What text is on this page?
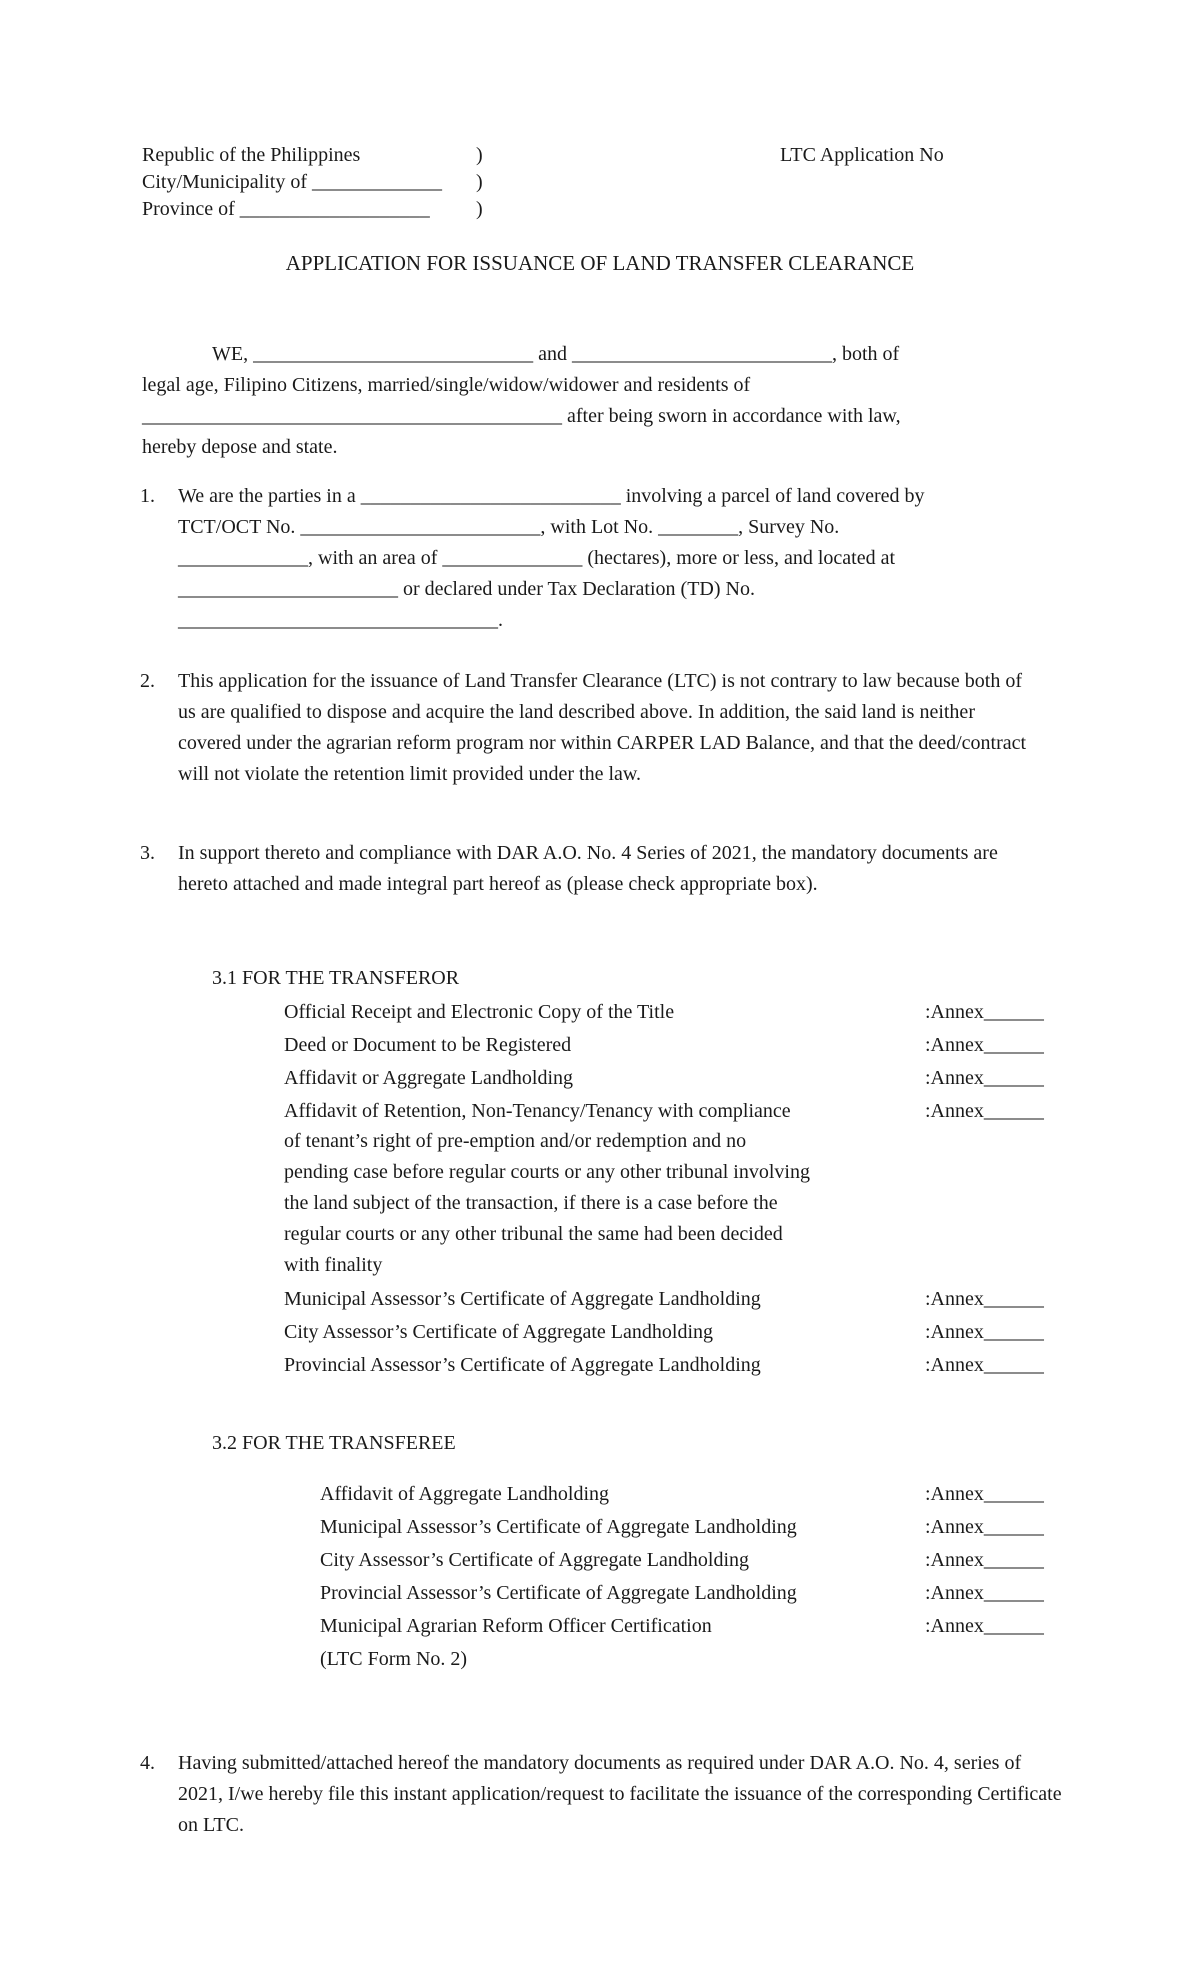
Republic of the Philippines	)
City/Municipality of _____________ )
Province of ___________________ )
LTC Application No
APPLICATION FOR ISSUANCE OF LAND TRANSFER CLEARANCE
WE, ____________________________ and __________________________, both of
legal age, Filipino Citizens, married/single/widow/widower and residents of
__________________________________________ after being sworn in accordance with law,
hereby depose and state.
1. We are the parties in a __________________________ involving a parcel of land covered by
TCT/OCT No. ________________________, with Lot No. ________, Survey No.
_____________, with an area of ______________ (hectares), more or less, and located at
______________________ or declared under Tax Declaration (TD) No.
________________________________.
2. This application for the issuance of Land Transfer Clearance (LTC) is not contrary to law because both of us are qualified to dispose and acquire the land described above. In addition, the said land is neither covered under the agrarian reform program nor within CARPER LAD Balance, and that the deed/contract will not violate the retention limit provided under the law.
3. In support thereto and compliance with DAR A.O. No. 4 Series of 2021, the mandatory documents are hereto attached and made integral part hereof as (please check appropriate box).
3.1 FOR THE TRANSFEROR
Official Receipt and Electronic Copy of the Title	:Annex______
Deed or Document to be Registered	:Annex______
Affidavit or Aggregate Landholding	:Annex______
Affidavit of Retention, Non-Tenancy/Tenancy with compliance	:Annex______
of tenant’s right of pre-emption and/or redemption and no
pending case before regular courts or any other tribunal involving
the land subject of the transaction, if there is a case before the
regular courts or any other tribunal the same had been decided
with finality
Municipal Assessor’s Certificate of Aggregate Landholding	:Annex______
City Assessor’s Certificate of Aggregate Landholding	:Annex______
Provincial Assessor’s Certificate of Aggregate Landholding	:Annex______
3.2 FOR THE TRANSFEREE
Affidavit of Aggregate Landholding	:Annex______
Municipal Assessor’s Certificate of Aggregate Landholding	:Annex______
City Assessor’s Certificate of Aggregate Landholding	:Annex______
Provincial Assessor’s Certificate of Aggregate Landholding	:Annex______
Municipal Agrarian Reform Officer Certification	:Annex______
(LTC Form No. 2)
4. Having submitted/attached hereof the mandatory documents as required under DAR A.O. No. 4, series of 2021, I/we hereby file this instant application/request to facilitate the issuance of the corresponding Certificate on LTC.
